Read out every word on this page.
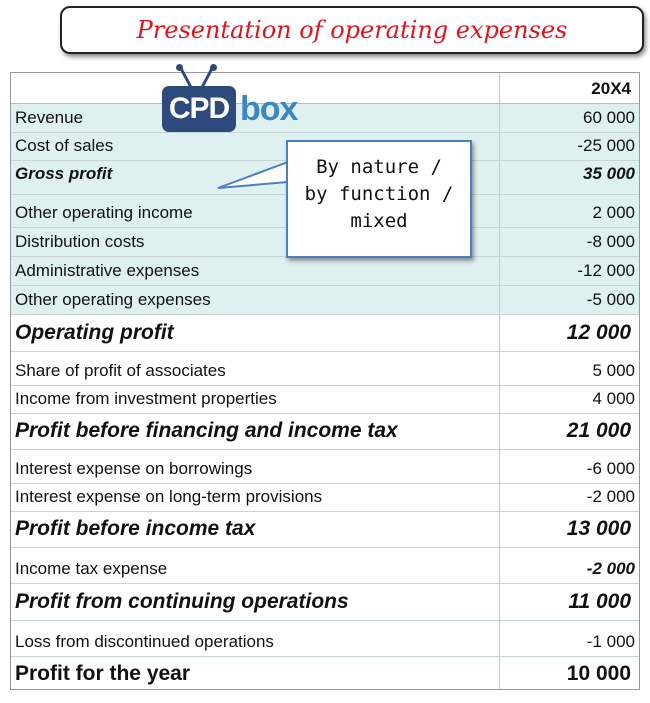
Presentation of operating expenses
20X4
Revenue	60 000
Cost of sales	-25 000
Gross profit	35 000
Other operating income	2 000
Distribution costs	-8 000
Administrative expenses	-12 000
Other operating expenses	-5 000
Operating profit	12 000
Share of profit of associates	5 000
Income from investment properties	4 000
Profit before financing and income tax	21 000
Interest expense on borrowings	-6 000
Interest expense on long-term provisions	-2 000
Profit before income tax	13 000
Income tax expense	-2 000
Profit from continuing operations	11 000
Loss from discontinued operations	-1 000
Profit for the year	10 000
CPD box
By nature /
by function /
mixed
